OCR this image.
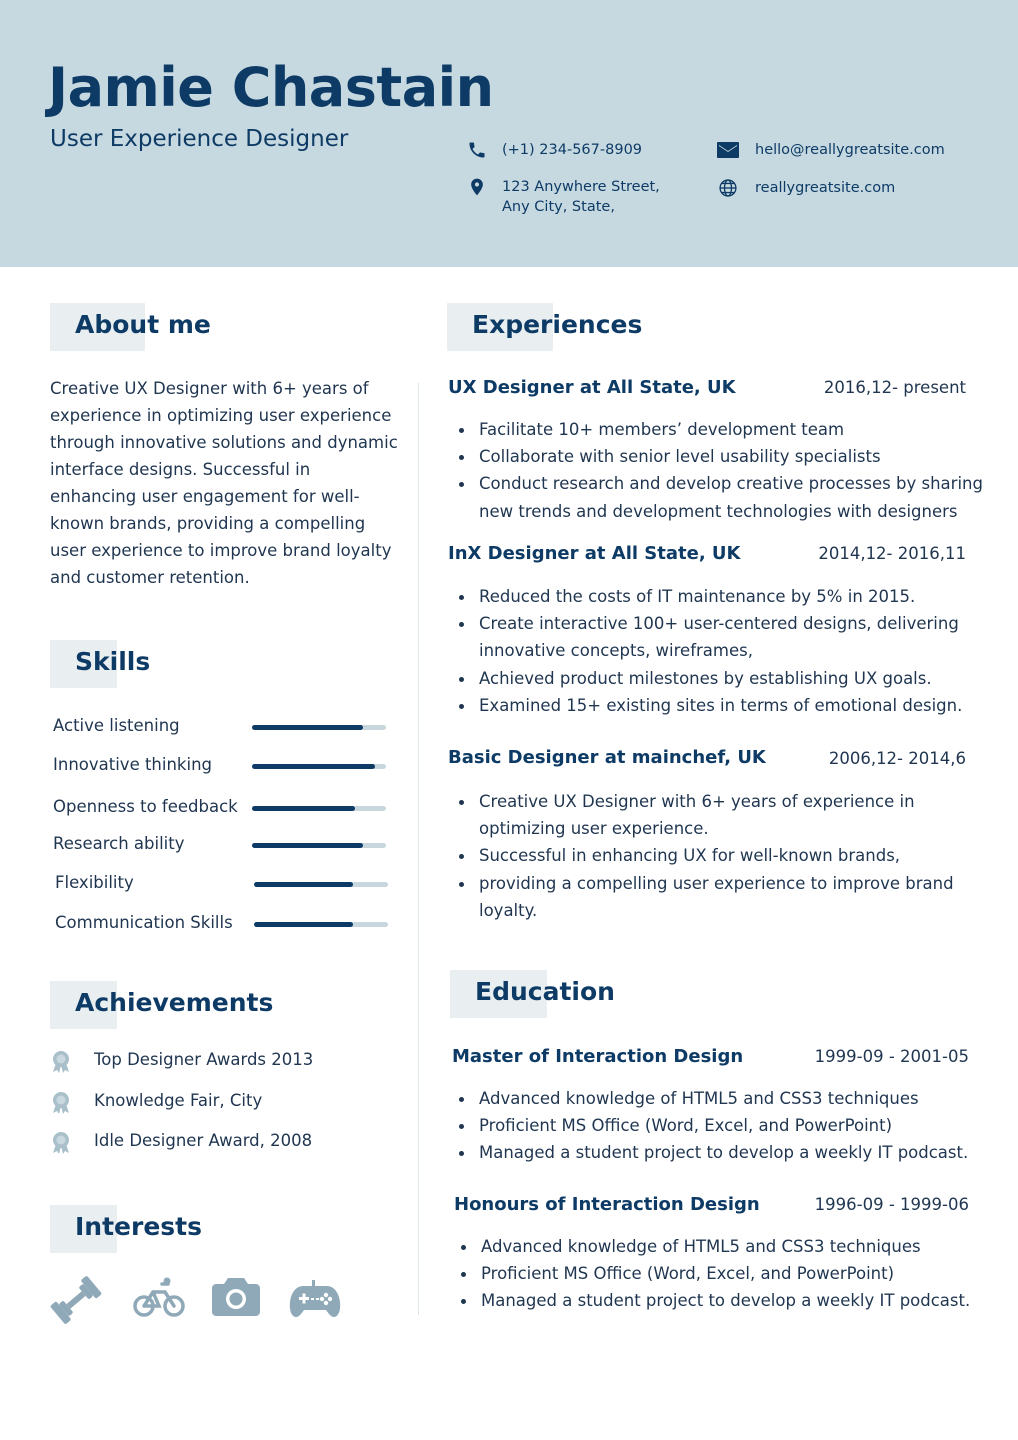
Jamie Chastain
User Experience Designer	(+1) 234-567-8909	hello@reallygreatsite.com
123 Anywhere Street, Any City, State,
reallygreatsite.com
About me
Creative UX Designer with 6+ years of experience in optimizing user experience through innovative solutions and dynamic interface designs. Successful in enhancing user engagement for well-known brands, providing a compelling user experience to improve brand loyalty and customer retention.
Skills
Active listening
Innovative thinking
Openness to feedback
Research ability
Flexibility
Communication Skills
Achievements
Top Designer Awards 2013
Knowledge Fair, City
Idle Designer Award, 2008
Interests
Experiences
UX Designer at All State, UK	2016,12- present
Facilitate 10+ members’ development team
Collaborate with senior level usability specialists
Conduct research and develop creative processes by sharing new trends and development technologies with designers
InX Designer at All State, UK	2014,12- 2016,11
Reduced the costs of IT maintenance by 5% in 2015.
Create interactive 100+ user-centered designs, delivering innovative concepts, wireframes,
Achieved product milestones by establishing UX goals.
Examined 15+ existing sites in terms of emotional design.
Basic Designer at mainchef, UK	2006,12- 2014,6
Creative UX Designer with 6+ years of experience in optimizing user experience.
Successful in enhancing UX for well-known brands,
providing a compelling user experience to improve brand loyalty.
Education
Master of Interaction Design	1999-09 - 2001-05
Advanced knowledge of HTML5 and CSS3 techniques
Proficient MS Office (Word, Excel, and PowerPoint)
Managed a student project to develop a weekly IT podcast.
Honours of Interaction Design	1996-09 - 1999-06
Advanced knowledge of HTML5 and CSS3 techniques
Proficient MS Office (Word, Excel, and PowerPoint)
Managed a student project to develop a weekly IT podcast.
